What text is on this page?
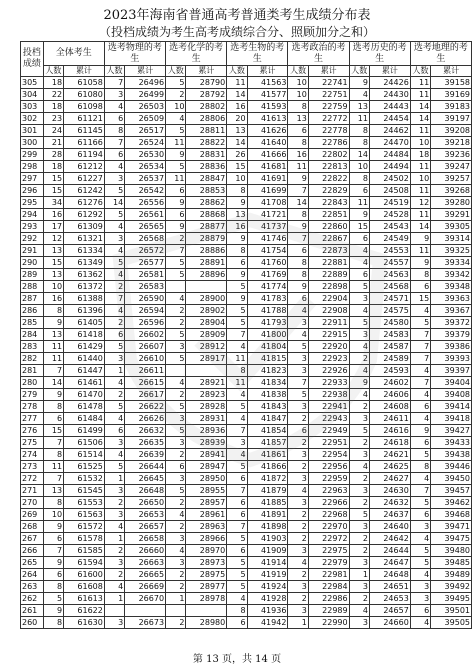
2023年海南省普通高考普通类考生成绩分布表
（投档成绩为考生高考成绩综合分、照顾加分之和）
投档成绩	全体考生		选考物理的考生		选考化学的考生		选考生物的考生		选考政治的考生		选考历史的考生		选考地理的考生	
	人数	累计	人数	累计	人数	累计	人数	累计	人数	累计	人数	累计	人数	累计
305	18	61058	7	26496	5	28790	11	41563	10	22741	9	24426	11	39158
304	22	61080	3	26499	2	28792	14	41577	10	22751	4	24430	11	39169
303	18	61098	4	26503	10	28802	16	41593	8	22759	13	24443	14	39183
302	23	61121	6	26509	4	28806	20	41613	13	22772	11	24454	14	39197
301	24	61145	8	26517	5	28811	13	41626	6	22778	8	24462	11	39208
300	21	61166	7	26524	11	28822	14	41640	8	22786	8	24470	10	39218
299	28	61194	6	26530	9	28831	26	41666	16	22802	14	24484	18	39236
298	18	61212	4	26534	5	28836	15	41681	11	22813	10	24494	11	39247
297	15	61227	3	26537	11	28847	10	41691	9	22822	8	24502	10	39257
296	15	61242	5	26542	6	28853	8	41699	7	22829	6	24508	11	39268
295	34	61276	14	26556	9	28862	9	41708	14	22843	11	24519	12	39280
294	16	61292	5	26561	6	28868	13	41721	8	22851	9	24528	11	39291
293	17	61309	4	26565	9	28877	16	41737	9	22860	15	24543	14	39305
292	12	61321	3	26568	2	28879	9	41746	7	22867	6	24549	9	39314
291	13	61334	4	26572	7	28886	8	41754	6	22873	4	24553	11	39325
290	15	61349	5	26577	5	28891	6	41760	8	22881	4	24557	9	39334
289	13	61362	4	26581	5	28896	9	41769	8	22889	6	24563	8	39342
288	10	61372	2	26583			5	41774	9	22898	5	24568	6	39348
287	16	61388	7	26590	4	28900	9	41783	6	22904	3	24571	15	39363
286	8	61396	4	26594	2	28902	5	41788	4	22908	4	24575	4	39367
285	9	61405	2	26596	2	28904	5	41793	3	22911	5	24580	5	39372
284	13	61418	6	26602	5	28909	7	41800	4	22915	3	24583	7	39379
283	11	61429	5	26607	3	28912	4	41804	5	22920	4	24587	7	39386
282	11	61440	3	26610	5	28917	11	41815	3	22923	2	24589	7	39393
281	7	61447	1	26611			8	41823	3	22926	4	24593	4	39397
280	14	61461	4	26615	4	28921	11	41834	7	22933	9	24602	7	39404
279	9	61470	2	26617	2	28923	4	41838	5	22938	4	24606	4	39408
278	8	61478	5	26622	5	28928	5	41843	3	22941	2	24608	6	39414
277	6	61484	4	26626	3	28931	4	41847	2	22943	3	24611	4	39418
276	15	61499	6	26632	5	28936	7	41854	6	22949	5	24616	9	39427
275	7	61506	3	26635	3	28939	3	41857	2	22951	2	24618	6	39433
274	8	61514	4	26639	2	28941	4	41861	3	22954	3	24621	5	39438
273	11	61525	5	26644	6	28947	5	41866	2	22956	4	24625	8	39446
272	7	61532	1	26645	3	28950	6	41872	3	22959	2	24627	4	39450
271	13	61545	3	26648	5	28955	7	41879	4	22963	3	24630	7	39457
270	8	61553	2	26650	2	28957	6	41885	3	22966	2	24632	5	39462
269	10	61563	3	26653	4	28961	6	41891	2	22968	5	24637	6	39468
268	9	61572	4	26657	2	28963	7	41898	2	22970	3	24640	3	39471
267	6	61578	1	26658	3	28966	5	41903	2	22972	2	24642	4	39475
266	7	61585	2	26660	4	28970	6	41909	3	22975	2	24644	5	39480
265	9	61594	3	26663	3	28973	5	41914	4	22979	3	24647	5	39485
264	6	61600	2	26665	2	28975	5	41919	2	22981	1	24648	4	39489
263	8	61608	4	26669	2	28977	5	41924	3	22984	3	24651	3	39492
262	5	61613	1	26670	1	28978	4	41928	2	22986	2	24653	3	39495
261	9	61622					8	41936	3	22989	4	24657	6	39501
260	8	61630	3	26673	2	28980	6	41942	1	22990	3	24660	4	39505
第 13 页，共 14 页
